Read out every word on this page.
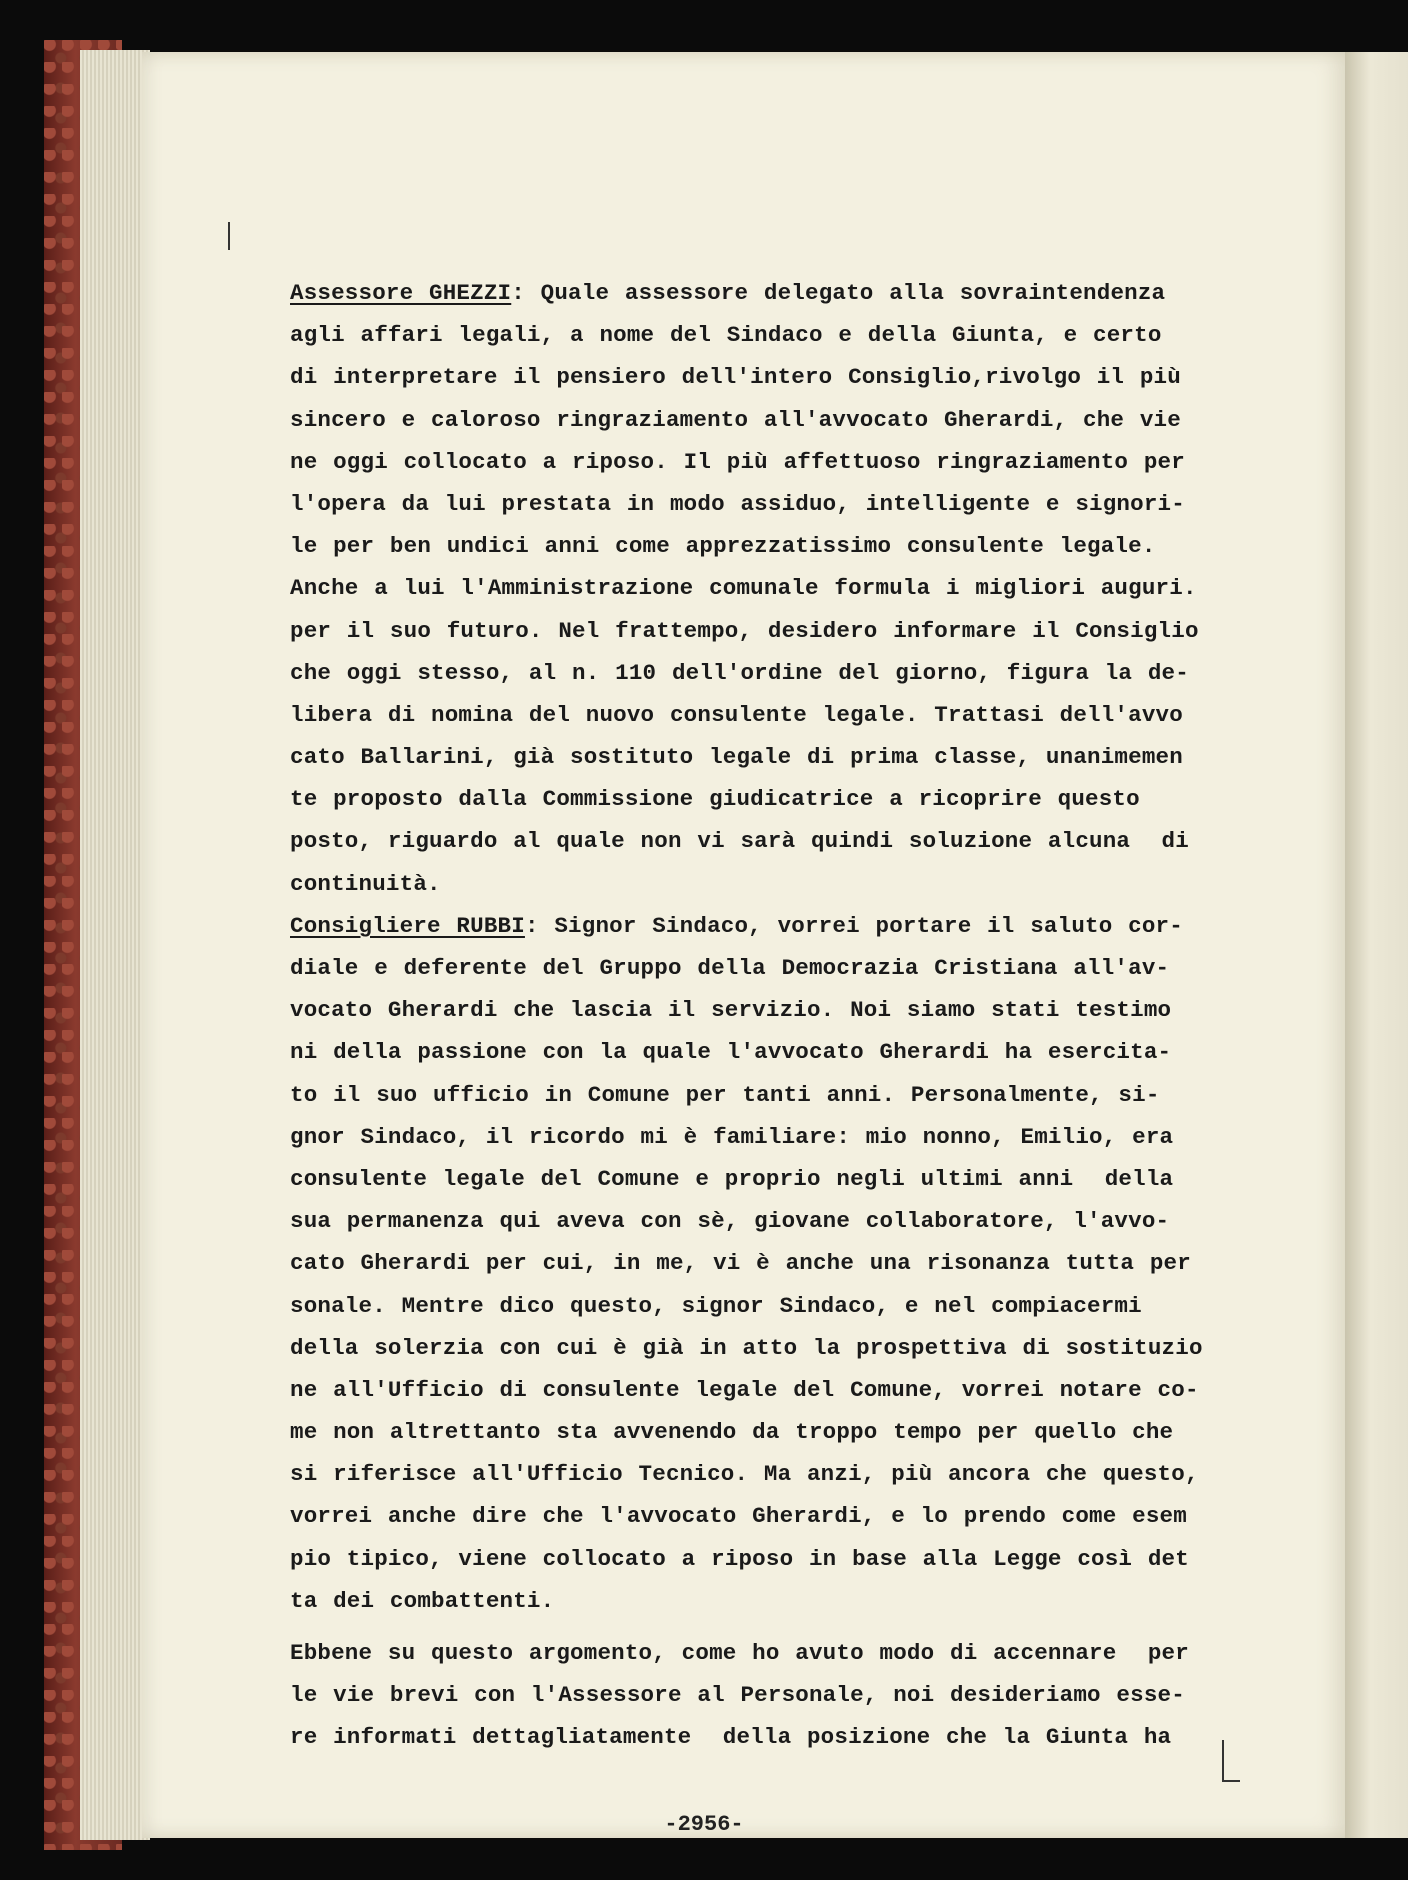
Assessore GHEZZI: Quale assessore delegato alla sovraintendenza
agli affari legali, a nome del Sindaco e della Giunta, e certo
di interpretare il pensiero dell'intero Consiglio,rivolgo il più
sincero e caloroso ringraziamento all'avvocato Gherardi, che vie
ne oggi collocato a riposo. Il più affettuoso ringraziamento per
l'opera da lui prestata in modo assiduo, intelligente e signori-
le per ben undici anni come apprezzatissimo consulente legale.
Anche a lui l'Amministrazione comunale formula i migliori auguri.
per il suo futuro. Nel frattempo, desidero informare il Consiglio
che oggi stesso, al n. 110 dell'ordine del giorno, figura la de-
libera di nomina del nuovo consulente legale. Trattasi dell'avvo
cato Ballarini, già sostituto legale di prima classe, unanimemen
te proposto dalla Commissione giudicatrice a ricoprire questo
posto, riguardo al quale non vi sarà quindi soluzione alcuna  di
continuità.
Consigliere RUBBI: Signor Sindaco, vorrei portare il saluto cor-
diale e deferente del Gruppo della Democrazia Cristiana all'av-
vocato Gherardi che lascia il servizio. Noi siamo stati testimo
ni della passione con la quale l'avvocato Gherardi ha esercita-
to il suo ufficio in Comune per tanti anni. Personalmente, si-
gnor Sindaco, il ricordo mi è familiare: mio nonno, Emilio, era
consulente legale del Comune e proprio negli ultimi anni  della
sua permanenza qui aveva con sè, giovane collaboratore, l'avvo-
cato Gherardi per cui, in me, vi è anche una risonanza tutta per
sonale. Mentre dico questo, signor Sindaco, e nel compiacermi
della solerzia con cui è già in atto la prospettiva di sostituzio
ne all'Ufficio di consulente legale del Comune, vorrei notare co-
me non altrettanto sta avvenendo da troppo tempo per quello che
si riferisce all'Ufficio Tecnico. Ma anzi, più ancora che questo,
vorrei anche dire che l'avvocato Gherardi, e lo prendo come esem
pio tipico, viene collocato a riposo in base alla Legge così det
ta dei combattenti.
Ebbene su questo argomento, come ho avuto modo di accennare  per
le vie brevi con l'Assessore al Personale, noi desideriamo esse-
re informati dettagliatamente  della posizione che la Giunta ha
-2956-
